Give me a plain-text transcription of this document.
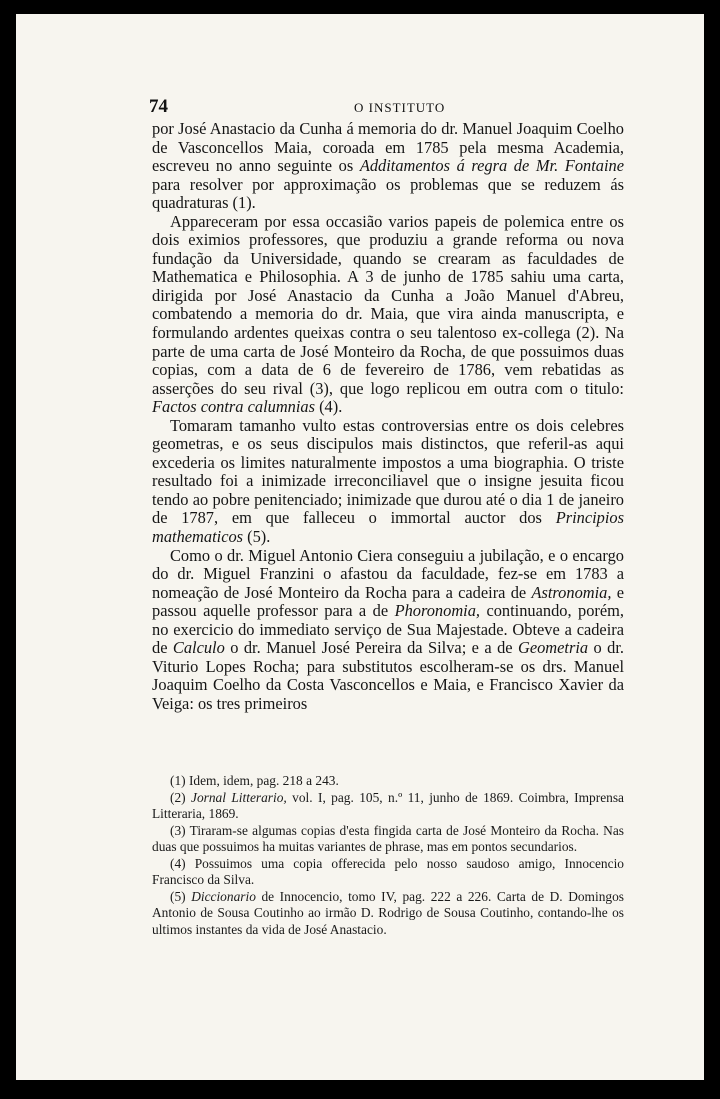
74	O INSTITUTO

por José Anastacio da Cunha á memoria do dr. Manuel Joaquim Coelho de Vasconcellos Maia, coroada em 1785 pela mesma Academia, escreveu no anno seguinte os Additamentos á regra de Mr. Fontaine para resolver por approximação os problemas que se reduzem ás quadraturas (1).

Appareceram por essa occasião varios papeis de polemica entre os dois eximios professores, que produziu a grande reforma ou nova fundação da Universidade, quando se crearam as faculdades de Mathematica e Philosophia. A 3 de junho de 1785 sahiu uma carta, dirigida por José Anastacio da Cunha a João Manuel d'Abreu, combatendo a memoria do dr. Maia, que vira ainda manuscripta, e formulando ardentes queixas contra o seu talentoso ex-collega (2). Na parte de uma carta de José Monteiro da Rocha, de que possuimos duas copias, com a data de 6 de fevereiro de 1786, vem rebatidas as asserções do seu rival (3), que logo replicou em outra com o titulo: Factos contra calumnias (4).

Tomaram tamanho vulto estas controversias entre os dois celebres geometras, e os seus discipulos mais distinctos, que referil-as aqui excederia os limites naturalmente impostos a uma biographia. O triste resultado foi a inimizade irreconciliavel que o insigne jesuita ficou tendo ao pobre penitenciado; inimizade que durou até o dia 1 de janeiro de 1787, em que falleceu o immortal auctor dos Principios mathematicos (5).

Como o dr. Miguel Antonio Ciera conseguiu a jubilação, e o encargo do dr. Miguel Franzini o afastou da faculdade, fez-se em 1783 a nomeação de José Monteiro da Rocha para a cadeira de Astronomia, e passou aquelle professor para a de Phoronomia, continuando, porém, no exercicio do immediato serviço de Sua Majestade. Obteve a cadeira de Calculo o dr. Manuel José Pereira da Silva; e a de Geometria o dr. Viturio Lopes Rocha; para substitutos escolheram-se os drs. Manuel Joaquim Coelho da Costa Vasconcellos e Maia, e Francisco Xavier da Veiga: os tres primeiros

(1) Idem, idem, pag. 218 a 243.

(2) Jornal Litterario, vol. I, pag. 105, n.º 11, junho de 1869. Coimbra, Imprensa Litteraria, 1869.

(3) Tiraram-se algumas copias d'esta fingida carta de José Monteiro da Rocha. Nas duas que possuimos ha muitas variantes de phrase, mas em pontos secundarios.

(4) Possuimos uma copia offerecida pelo nosso saudoso amigo, Innocencio Francisco da Silva.

(5) Diccionario de Innocencio, tomo IV, pag. 222 a 226. Carta de D. Domingos Antonio de Sousa Coutinho ao irmão D. Rodrigo de Sousa Coutinho, contando-lhe os ultimos instantes da vida de José Anastacio.
